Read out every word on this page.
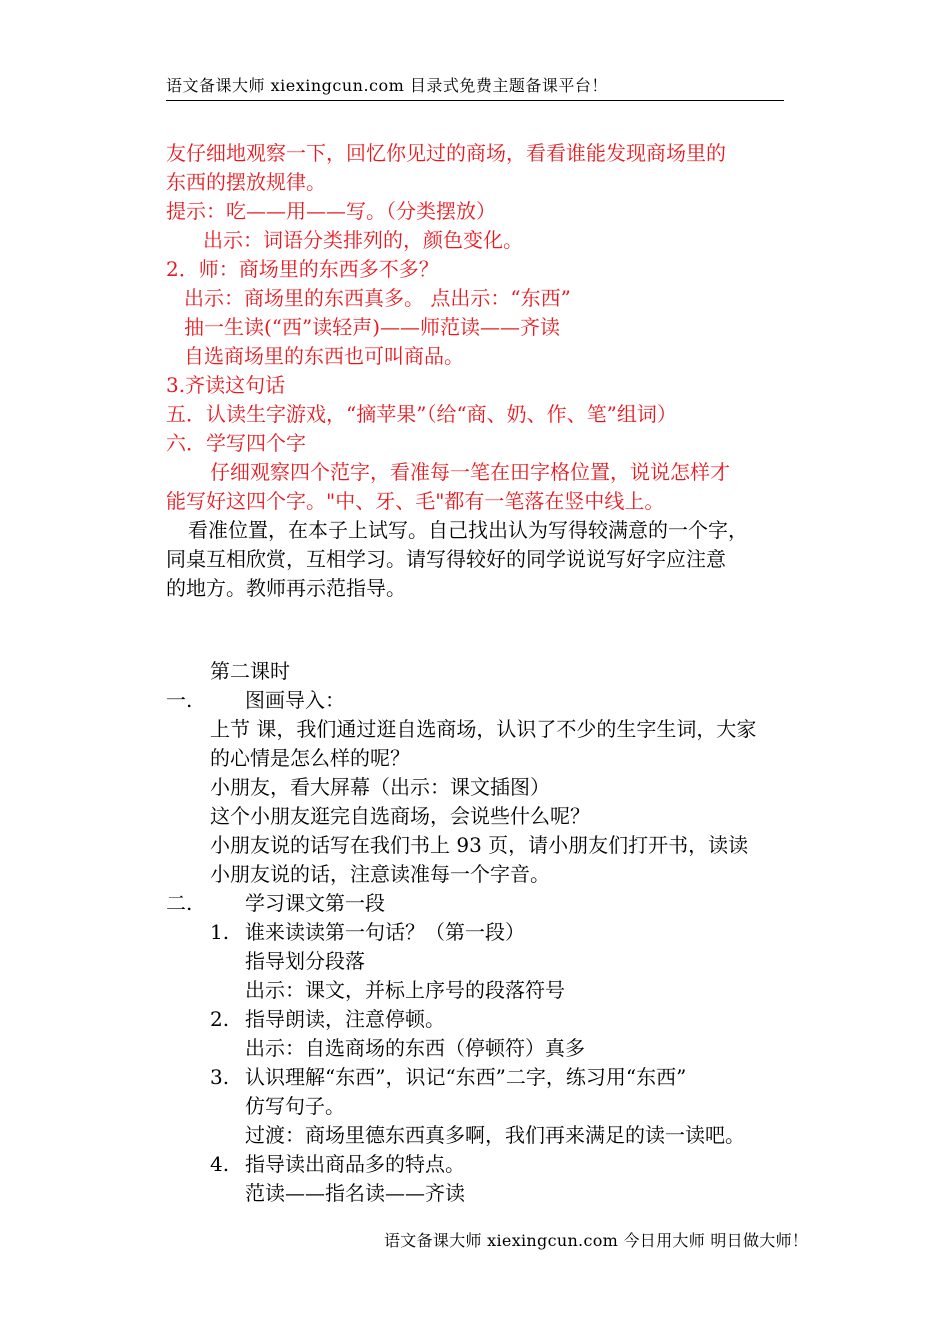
语文备课大师 xiexingcun.com 目录式免费主题备课平台！
友仔细地观察一下，回忆你见过的商场，看看谁能发现商场里的
东西的摆放规律。
提示：吃——用——写。（分类摆放）
出示：词语分类排列的，颜色变化。
2．师：商场里的东西多不多？
出示：商场里的东西真多。 点出示：“东西”
抽一生读(“西”读轻声)——师范读——齐读
自选商场里的东西也可叫商品。
3.齐读这句话
五．认读生字游戏，“摘苹果”（给“商、奶、作、笔”组词）
六．学写四个字
仔细观察四个范字，看准每一笔在田字格位置，说说怎样才
能写好这四个字。"中、牙、毛"都有一笔落在竖中线上。
看准位置，在本子上试写。自己找出认为写得较满意的一个字，
同桌互相欣赏，互相学习。请写得较好的同学说说写好字应注意
的地方。教师再示范指导。
第二课时
一.	图画导入：
上节 课，我们通过逛自选商场，认识了不少的生字生词，大家
的心情是怎么样的呢？
小朋友，看大屏幕（出示：课文插图）
这个小朋友逛完自选商场，会说些什么呢？
小朋友说的话写在我们书上 93 页，请小朋友们打开书，读读
小朋友说的话，注意读准每一个字音。
二.	学习课文第一段
1. 谁来读读第一句话？（第一段）
指导划分段落
出示：课文，并标上序号的段落符号
2. 指导朗读，注意停顿。
出示：自选商场的东西（停顿符）真多
3. 认识理解“东西”，识记“东西”二字，练习用“东西”
仿写句子。
过渡：商场里德东西真多啊，我们再来满足的读一读吧。
4. 指导读出商品多的特点。
范读——指名读——齐读
语文备课大师 xiexingcun.com 今日用大师 明日做大师！
